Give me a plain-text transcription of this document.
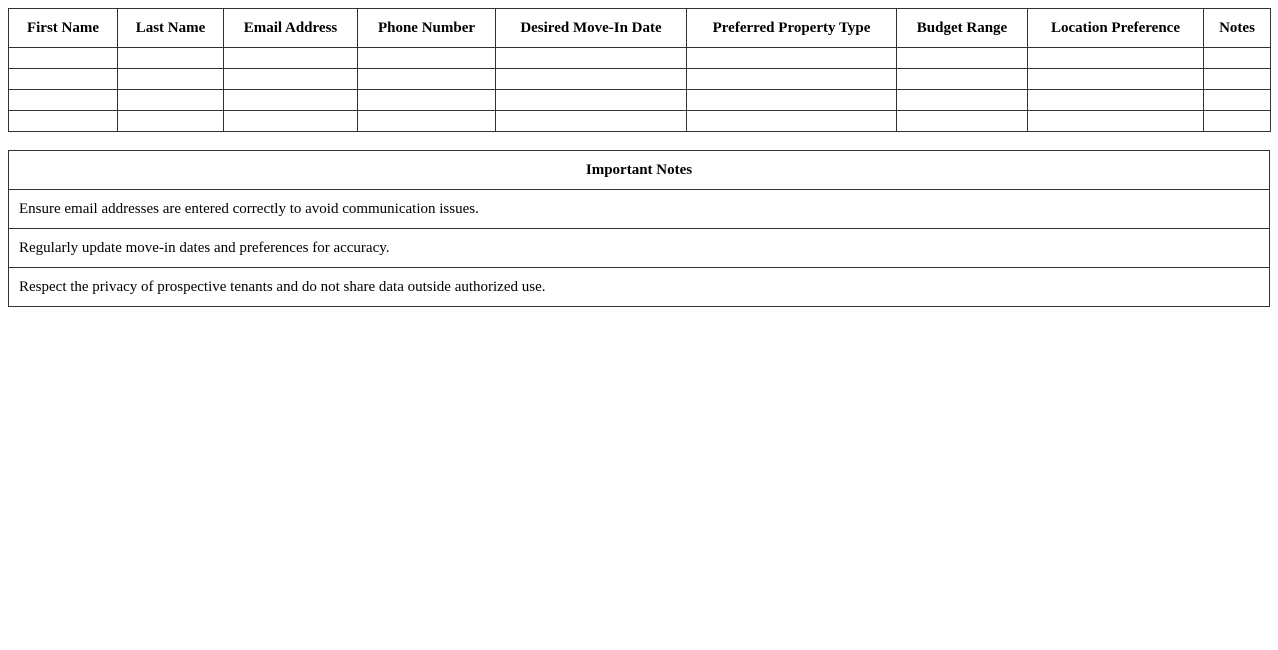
First Name	Last Name	Email Address	Phone Number	Desired Move-In Date	Preferred Property Type	Budget Range	Location Preference	Notes

Important Notes
Ensure email addresses are entered correctly to avoid communication issues.
Regularly update move-in dates and preferences for accuracy.
Respect the privacy of prospective tenants and do not share data outside authorized use.
